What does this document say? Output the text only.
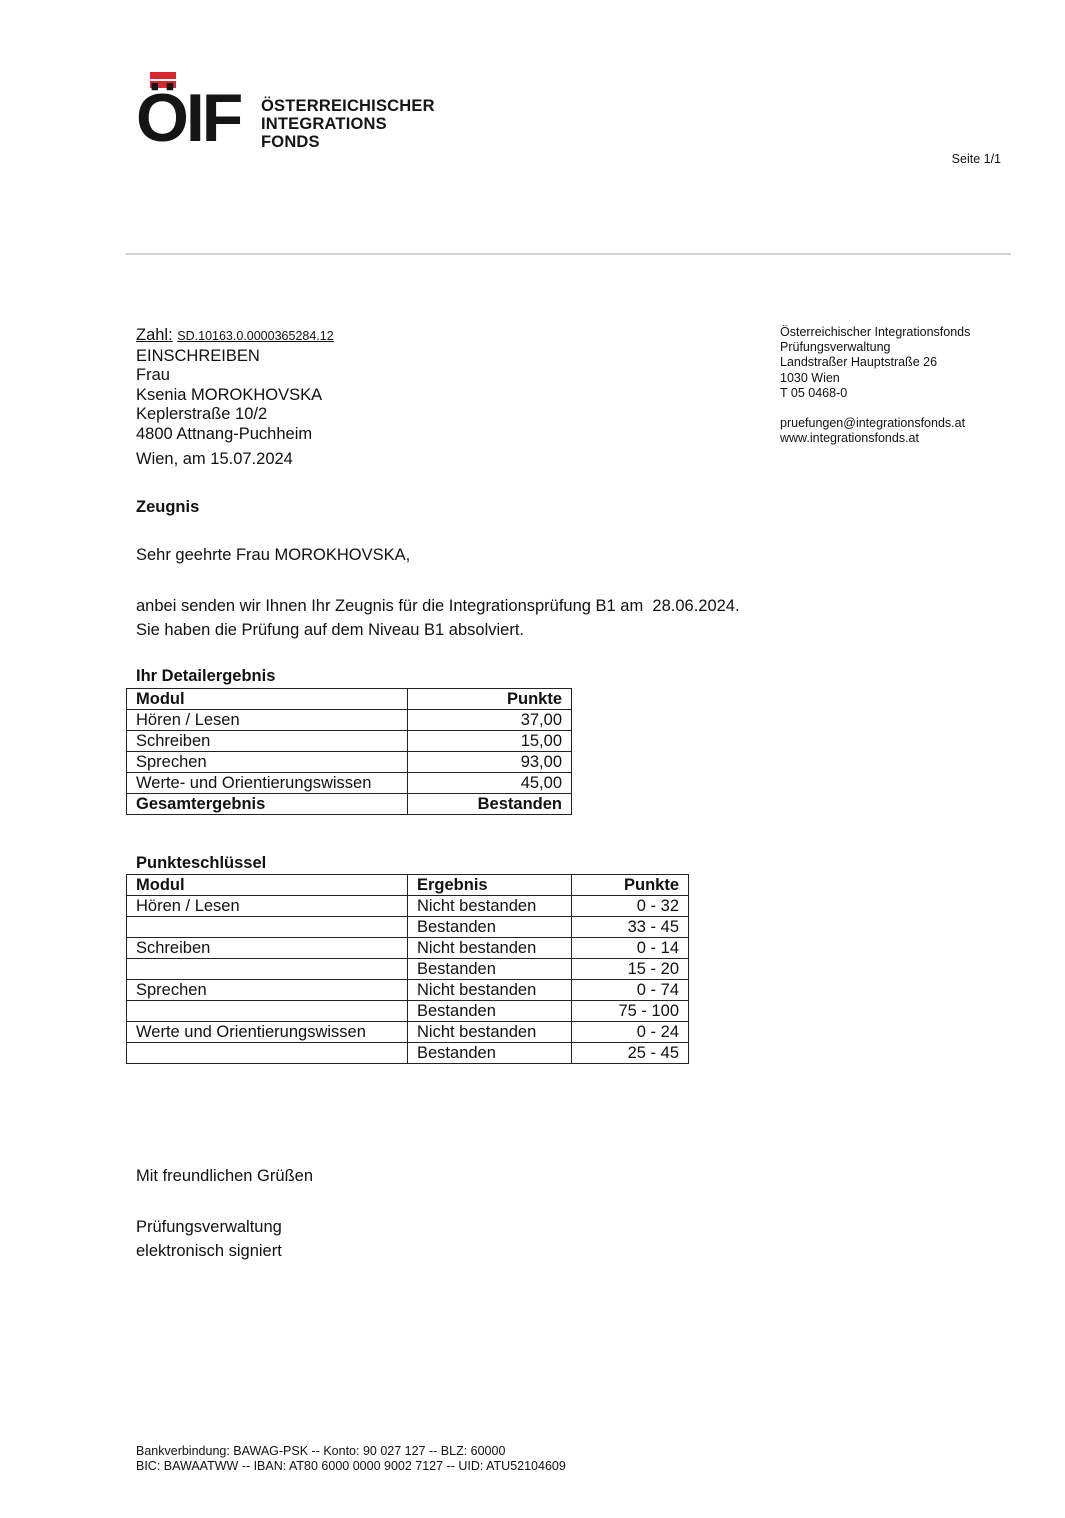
ÖIF ÖSTERREICHISCHER
INTEGRATIONS
FONDS
Seite 1/1
Zahl: SD.10163.0.0000365284.12
EINSCHREIBEN
Frau
Ksenia MOROKHOVSKA
Keplerstraße 10/2
4800 Attnang-Puchheim
Wien, am 15.07.2024
Österreichischer Integrationsfonds
Prüfungsverwaltung
Landstraßer Hauptstraße 26
1030 Wien
T 05 0468-0
pruefungen@integrationsfonds.at
www.integrationsfonds.at
Zeugnis
Sehr geehrte Frau MOROKHOVSKA,
anbei senden wir Ihnen Ihr Zeugnis für die Integrationsprüfung B1 am  28.06.2024.
Sie haben die Prüfung auf dem Niveau B1 absolviert.
Ihr Detailergebnis
Modul	Punkte
Hören / Lesen	37,00
Schreiben	15,00
Sprechen	93,00
Werte- und Orientierungswissen	45,00
Gesamtergebnis	Bestanden
Punkteschlüssel
Modul	Ergebnis	Punkte
Hören / Lesen	Nicht bestanden	0 - 32
	Bestanden	33 - 45
Schreiben	Nicht bestanden	0 - 14
	Bestanden	15 - 20
Sprechen	Nicht bestanden	0 - 74
	Bestanden	75 - 100
Werte und Orientierungswissen	Nicht bestanden	0 - 24
	Bestanden	25 - 45
Mit freundlichen Grüßen
Prüfungsverwaltung
elektronisch signiert
Bankverbindung: BAWAG-PSK -- Konto: 90 027 127 -- BLZ: 60000
BIC: BAWAATWW -- IBAN: AT80 6000 0000 9002 7127 -- UID: ATU52104609
